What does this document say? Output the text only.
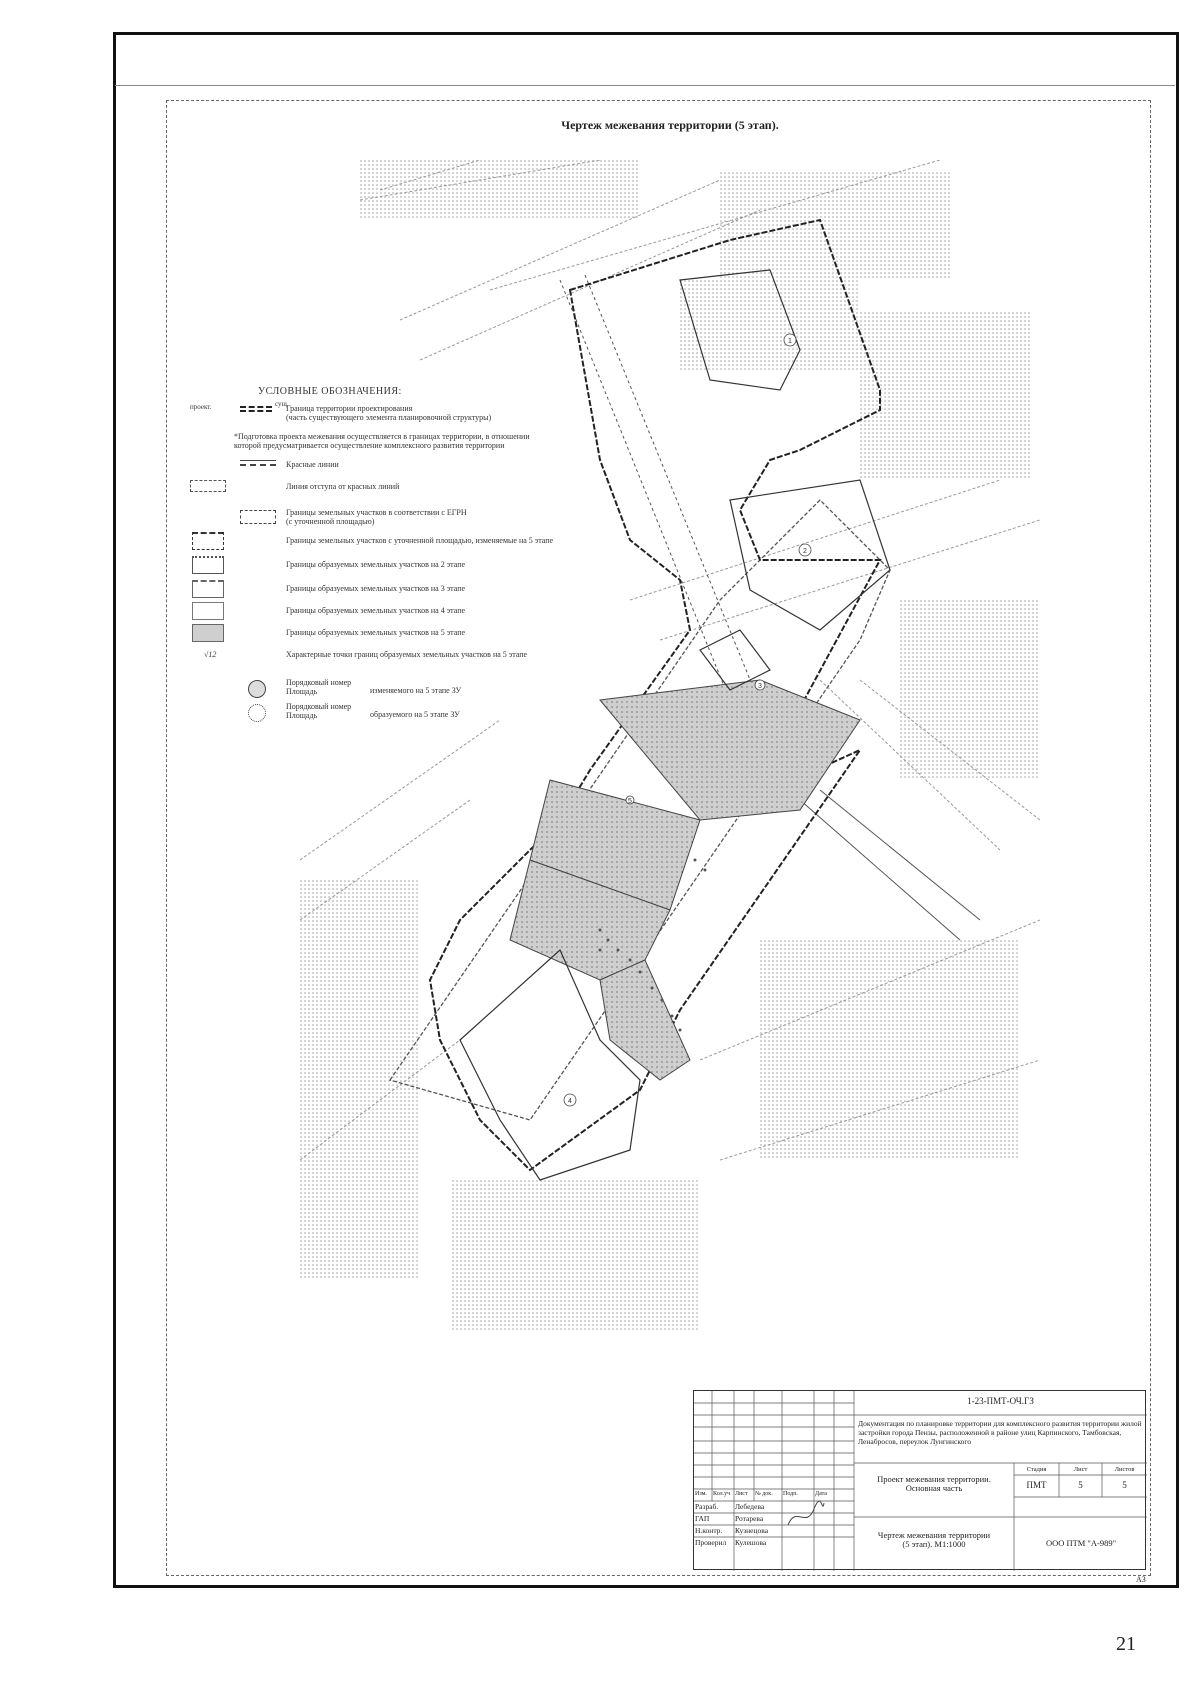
Чертеж межевания территории (5 этап).
1
2
3
4
5
УСЛОВНЫЕ ОБОЗНАЧЕНИЯ:
проект.	сущ.
Граница территории проектирования
(часть существующего элемента планировочной структуры)
*Подготовка проекта межевания осуществляется в границах территории, в отношении
которой предусматривается осуществление комплексного развития территории
Красные линии
Линия отступа от красных линий
Границы земельных участков в соответствии с ЕГРН
(с уточненной площадью)
Границы земельных участков с уточненной площадью, изменяемые на 5 этапе
Границы образуемых земельных участков на 2 этапе
Границы образуемых земельных участков на 3 этапе
Границы образуемых земельных участков на 4 этапе
Границы образуемых земельных участков на 5 этапе
√12	Характерные точки границ образуемых земельных участков на 5 этапе
Порядковый номер
Площадь	изменяемого на 5 этапе ЗУ
Порядковый номер
Площадь	образуемого на 5 этапе ЗУ
1-23-ПМТ-ОЧ.ГЗ
Документация по планировке территории для комплексного развития территории жилой застройки города Пензы, расположенной в районе улиц Карпинского, Тамбовская, Ленабросов, переулок Лунгинского
Изм.	Кол.уч Лист	№ док.	Подп.	Дата
Разраб.	Лебедева
ГАП	Ротарева
Н.контр.	Кузнецова
Проверил	Кулешова
Проект межевания территории.
Основная часть
Стадия	Лист	Листов
ПМТ	5	5
Чертеж межевания территории
(5 этап). М1:1000	ООО ПТМ "А-989"
А3
21
